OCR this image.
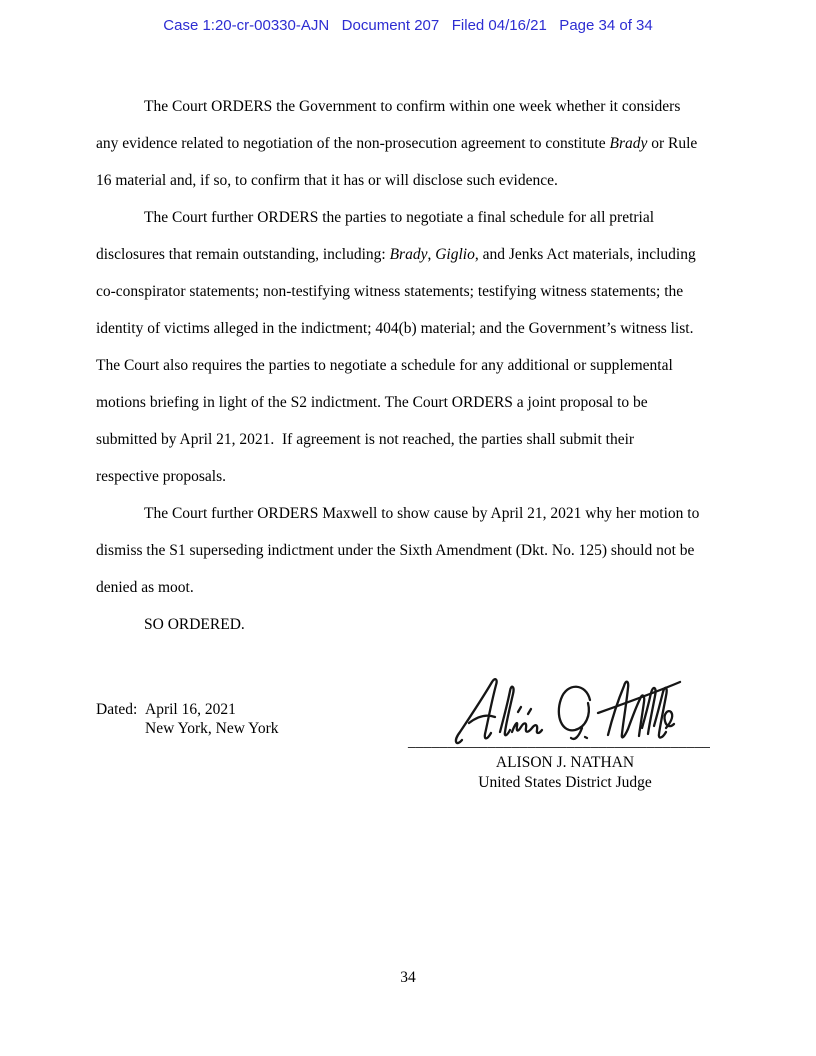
Case 1:20-cr-00330-AJN   Document 207   Filed 04/16/21   Page 34 of 34
The Court ORDERS the Government to confirm within one week whether it considers
any evidence related to negotiation of the non-prosecution agreement to constitute Brady or Rule
16 material and, if so, to confirm that it has or will disclose such evidence.
The Court further ORDERS the parties to negotiate a final schedule for all pretrial
disclosures that remain outstanding, including: Brady, Giglio, and Jenks Act materials, including
co-conspirator statements; non-testifying witness statements; testifying witness statements; the
identity of victims alleged in the indictment; 404(b) material; and the Government’s witness list.
The Court also requires the parties to negotiate a schedule for any additional or supplemental
motions briefing in light of the S2 indictment. The Court ORDERS a joint proposal to be
submitted by April 21, 2021.  If agreement is not reached, the parties shall submit their
respective proposals.
The Court further ORDERS Maxwell to show cause by April 21, 2021 why her motion to
dismiss the S1 superseding indictment under the Sixth Amendment (Dkt. No. 125) should not be
denied as moot.
SO ORDERED.
Dated: April 16, 2021
New York, New York
______________________________________
ALISON J. NATHAN
United States District Judge
34
